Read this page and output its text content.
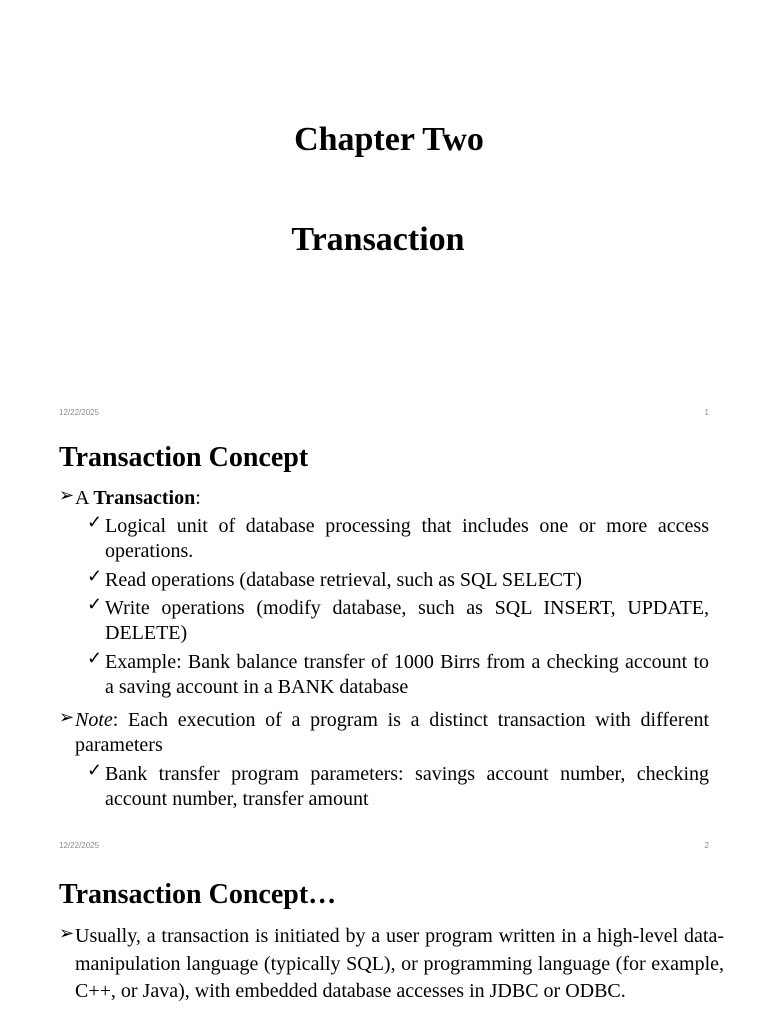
Chapter Two
Transaction
12/22/2025	1
Transaction Concept
➢ A Transaction:
✓ Logical unit of database processing that includes one or more access operations.
✓ Read operations (database retrieval, such as SQL SELECT)
✓ Write operations (modify database, such as SQL INSERT, UPDATE, DELETE)
✓ Example: Bank balance transfer of 1000 Birrs from a checking account to a saving account in a BANK database
➢ Note: Each execution of a program is a distinct transaction with different parameters
✓ Bank transfer program parameters: savings account number, checking account number, transfer amount
12/22/2025	2
Transaction Concept…
➢ Usually, a transaction is initiated by a user program written in a high-level data-manipulation language (typically SQL), or programming language (for example, C++, or Java), with embedded database accesses in JDBC or ODBC.
